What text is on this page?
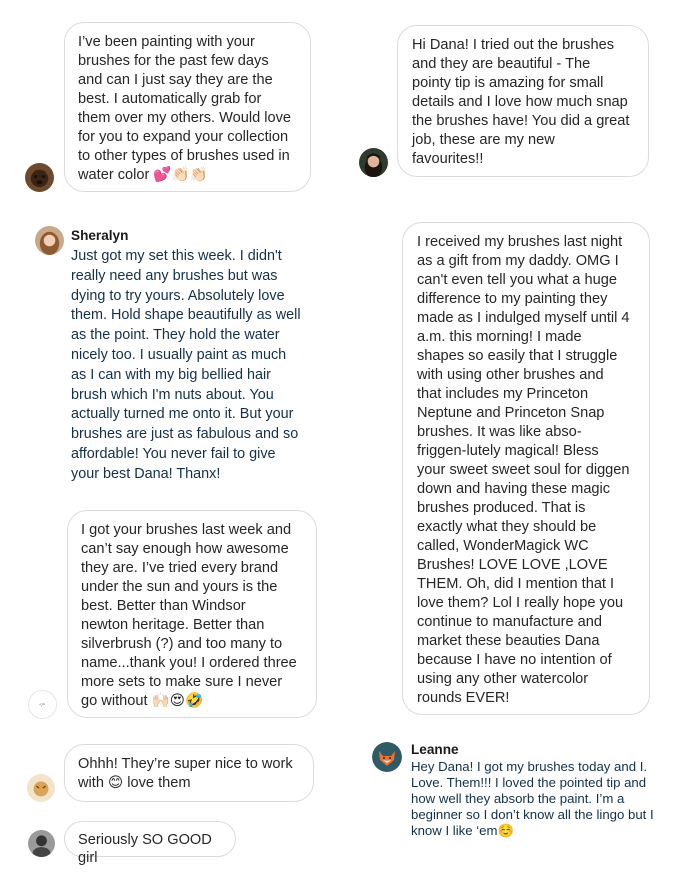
I’ve been painting with your
brushes for the past few days
and can I just say they are the
best. I automatically grab for
them over my others. Would love
for you to expand your collection
to other types of brushes used in
water color 💕👏🏻👏🏻
Hi Dana! I tried out the brushes
and they are beautiful - The
pointy tip is amazing for small
details and I love how much snap
the brushes have! You did a great
job, these are my new
favourites!!
Sheralyn
Just got my set this week. I didn't
really need any brushes but was
dying to try yours. Absolutely love
them. Hold shape beautifully as well
as the point. They hold the water
nicely too. I usually paint as much
as I can with my big bellied hair
brush which I'm nuts about. You
actually turned me onto it. But your
brushes are just as fabulous and so
affordable! You never fail to give
your best Dana! Thanx!
I received my brushes last night
as a gift from my daddy. OMG I
can't even tell you what a huge
difference to my painting they
made as I indulged myself until 4
a.m. this morning! I made
shapes so easily that I struggle
with using other brushes and
that includes my Princeton
Neptune and Princeton Snap
brushes. It was like abso-
friggen-lutely magical! Bless
your sweet sweet soul for diggen
down and having these magic
brushes produced. That is
exactly what they should be
called, WonderMagick WC
Brushes! LOVE LOVE ,LOVE
THEM. Oh, did I mention that I
love them? Lol I really hope you
continue to manufacture and
market these beauties Dana
because I have no intention of
using any other watercolor
rounds EVER!
ᵃ/ᵐ
I got your brushes last week and
can’t say enough how awesome
they are. I’ve tried every brand
under the sun and yours is the
best. Better than Windsor
newton heritage. Better than
silverbrush (?) and too many to
name...thank you! I ordered three
more sets to make sure I never
go without 🙌🏻😍🤣
Ohhh! They’re super nice to work
with 😊 love them
Seriously SO GOOD girl
Leanne
Hey Dana! I got my brushes today and I.
Love. Them!!! I loved the pointed tip and
how well they absorb the paint. I’m a
beginner so I don’t know all the lingo but I
know I like ‘em☺️
